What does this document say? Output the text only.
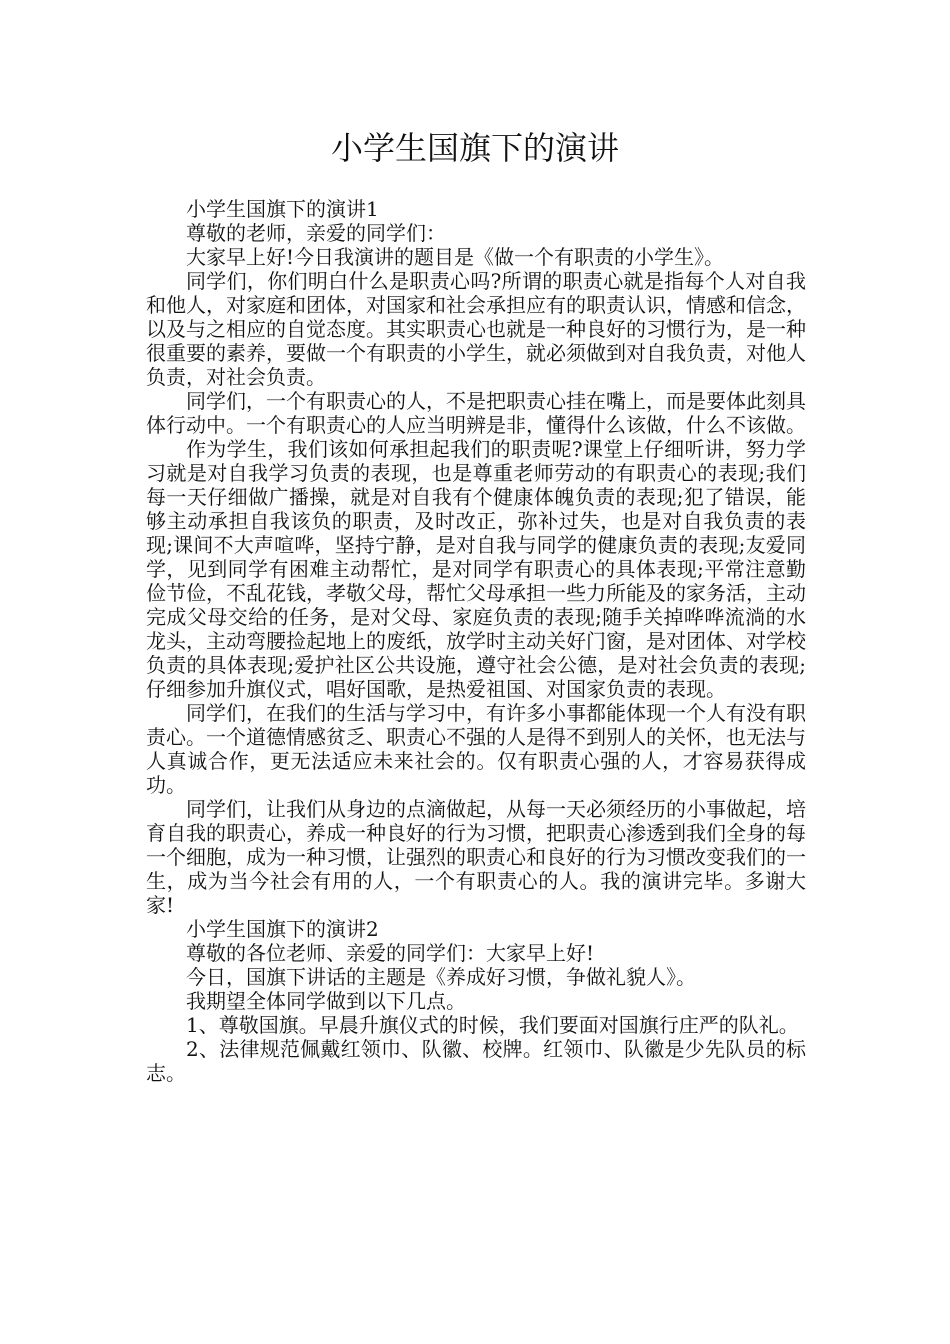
小学生国旗下的演讲

小学生国旗下的演讲1

尊敬的老师，亲爱的同学们：

大家早上好!今日我演讲的题目是《做一个有职责的小学生》。

同学们，你们明白什么是职责心吗?所谓的职责心就是指每个人对自我和他人，对家庭和团体，对国家和社会承担应有的职责认识，情感和信念，以及与之相应的自觉态度。其实职责心也就是一种良好的习惯行为，是一种很重要的素养，要做一个有职责的小学生，就必须做到对自我负责，对他人负责，对社会负责。

同学们，一个有职责心的人，不是把职责心挂在嘴上，而是要体此刻具体行动中。一个有职责心的人应当明辨是非，懂得什么该做，什么不该做。

作为学生，我们该如何承担起我们的职责呢?课堂上仔细听讲，努力学习就是对自我学习负责的表现，也是尊重老师劳动的有职责心的表现;我们每一天仔细做广播操，就是对自我有个健康体魄负责的表现;犯了错误，能够主动承担自我该负的职责，及时改正，弥补过失，也是对自我负责的表现;课间不大声喧哗，坚持宁静，是对自我与同学的健康负责的表现;友爱同学，见到同学有困难主动帮忙，是对同学有职责心的具体表现;平常注意勤俭节俭，不乱花钱，孝敬父母，帮忙父母承担一些力所能及的家务活，主动完成父母交给的任务，是对父母、家庭负责的表现;随手关掉哗哗流淌的水龙头，主动弯腰捡起地上的废纸，放学时主动关好门窗，是对团体、对学校负责的具体表现;爱护社区公共设施，遵守社会公德，是对社会负责的表现;仔细参加升旗仪式，唱好国歌，是热爱祖国、对国家负责的表现。

同学们，在我们的生活与学习中，有许多小事都能体现一个人有没有职责心。一个道德情感贫乏、职责心不强的人是得不到别人的关怀，也无法与人真诚合作，更无法适应未来社会的。仅有职责心强的人，才容易获得成功。

同学们，让我们从身边的点滴做起，从每一天必须经历的小事做起，培育自我的职责心，养成一种良好的行为习惯，把职责心渗透到我们全身的每一个细胞，成为一种习惯，让强烈的职责心和良好的行为习惯改变我们的一生，成为当今社会有用的人，一个有职责心的人。我的演讲完毕。多谢大家!

小学生国旗下的演讲2

尊敬的各位老师、亲爱的同学们：大家早上好!

今日，国旗下讲话的主题是《养成好习惯，争做礼貌人》。

我期望全体同学做到以下几点。

1、尊敬国旗。早晨升旗仪式的时候，我们要面对国旗行庄严的队礼。

2、法律规范佩戴红领巾、队徽、校牌。红领巾、队徽是少先队员的标志。
